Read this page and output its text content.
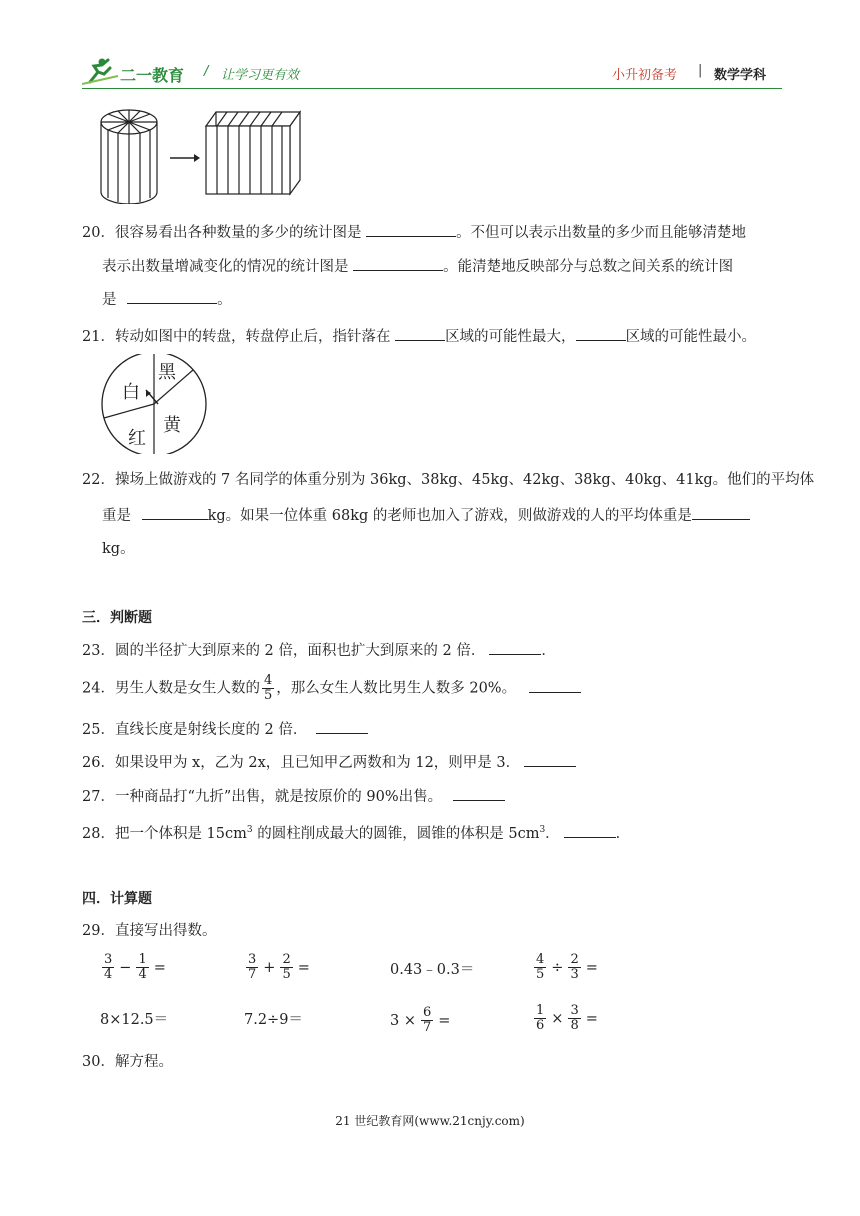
二一教育 / 让学习更有效	小升初备考 | 数学学科
20．很容易看出各种数量的多少的统计图是	。不但可以表示出数量的多少而且能够清楚地
表示出数量增减变化的情况的统计图是	。能清楚地反映部分与总数之间关系的统计图
是	。
21．转动如图中的转盘，转盘停止后，指针落在	区域的可能性最大，	区域的可能性最小。
黑
白
黄
红
22．操场上做游戏的 7 名同学的体重分别为 36kg、38kg、45kg、42kg、38kg、40kg、41kg。他们的平均体
重是	kg。如果一位体重 68kg 的老师也加入了游戏，则做游戏的人的平均体重是
kg。
三．判断题
23．圆的半径扩大到原来的 2 倍，面积也扩大到原来的 2 倍．	．
24．男生人数是女生人数的 $\frac{4}{5}$ ，那么女生人数比男生人数多 20%。
25．直线长度是射线长度的 2 倍．
26．如果设甲为 x，乙为 2x，且已知甲乙两数和为 12，则甲是 3．
27．一种商品打“九折”出售，就是按原价的 90%出售。
28．把一个体积是 $15cm^3$ 的圆柱削成最大的圆锥，圆锥的体积是 $5cm^3$．	．
四．计算题
29．直接写出得数。
$\frac{3}{4} - \frac{1}{4}$ =	$\frac{3}{7} + \frac{2}{5}$ =	0.43﹣0.3＝	$\frac{4}{5} \div \frac{2}{3}$ =
8×12.5＝	7.2÷9＝	$3 \times \frac{6}{7}$ =	$\frac{1}{6} \times \frac{3}{8}$ =
30．解方程。
21 世纪教育网(www.21cnjy.com)
